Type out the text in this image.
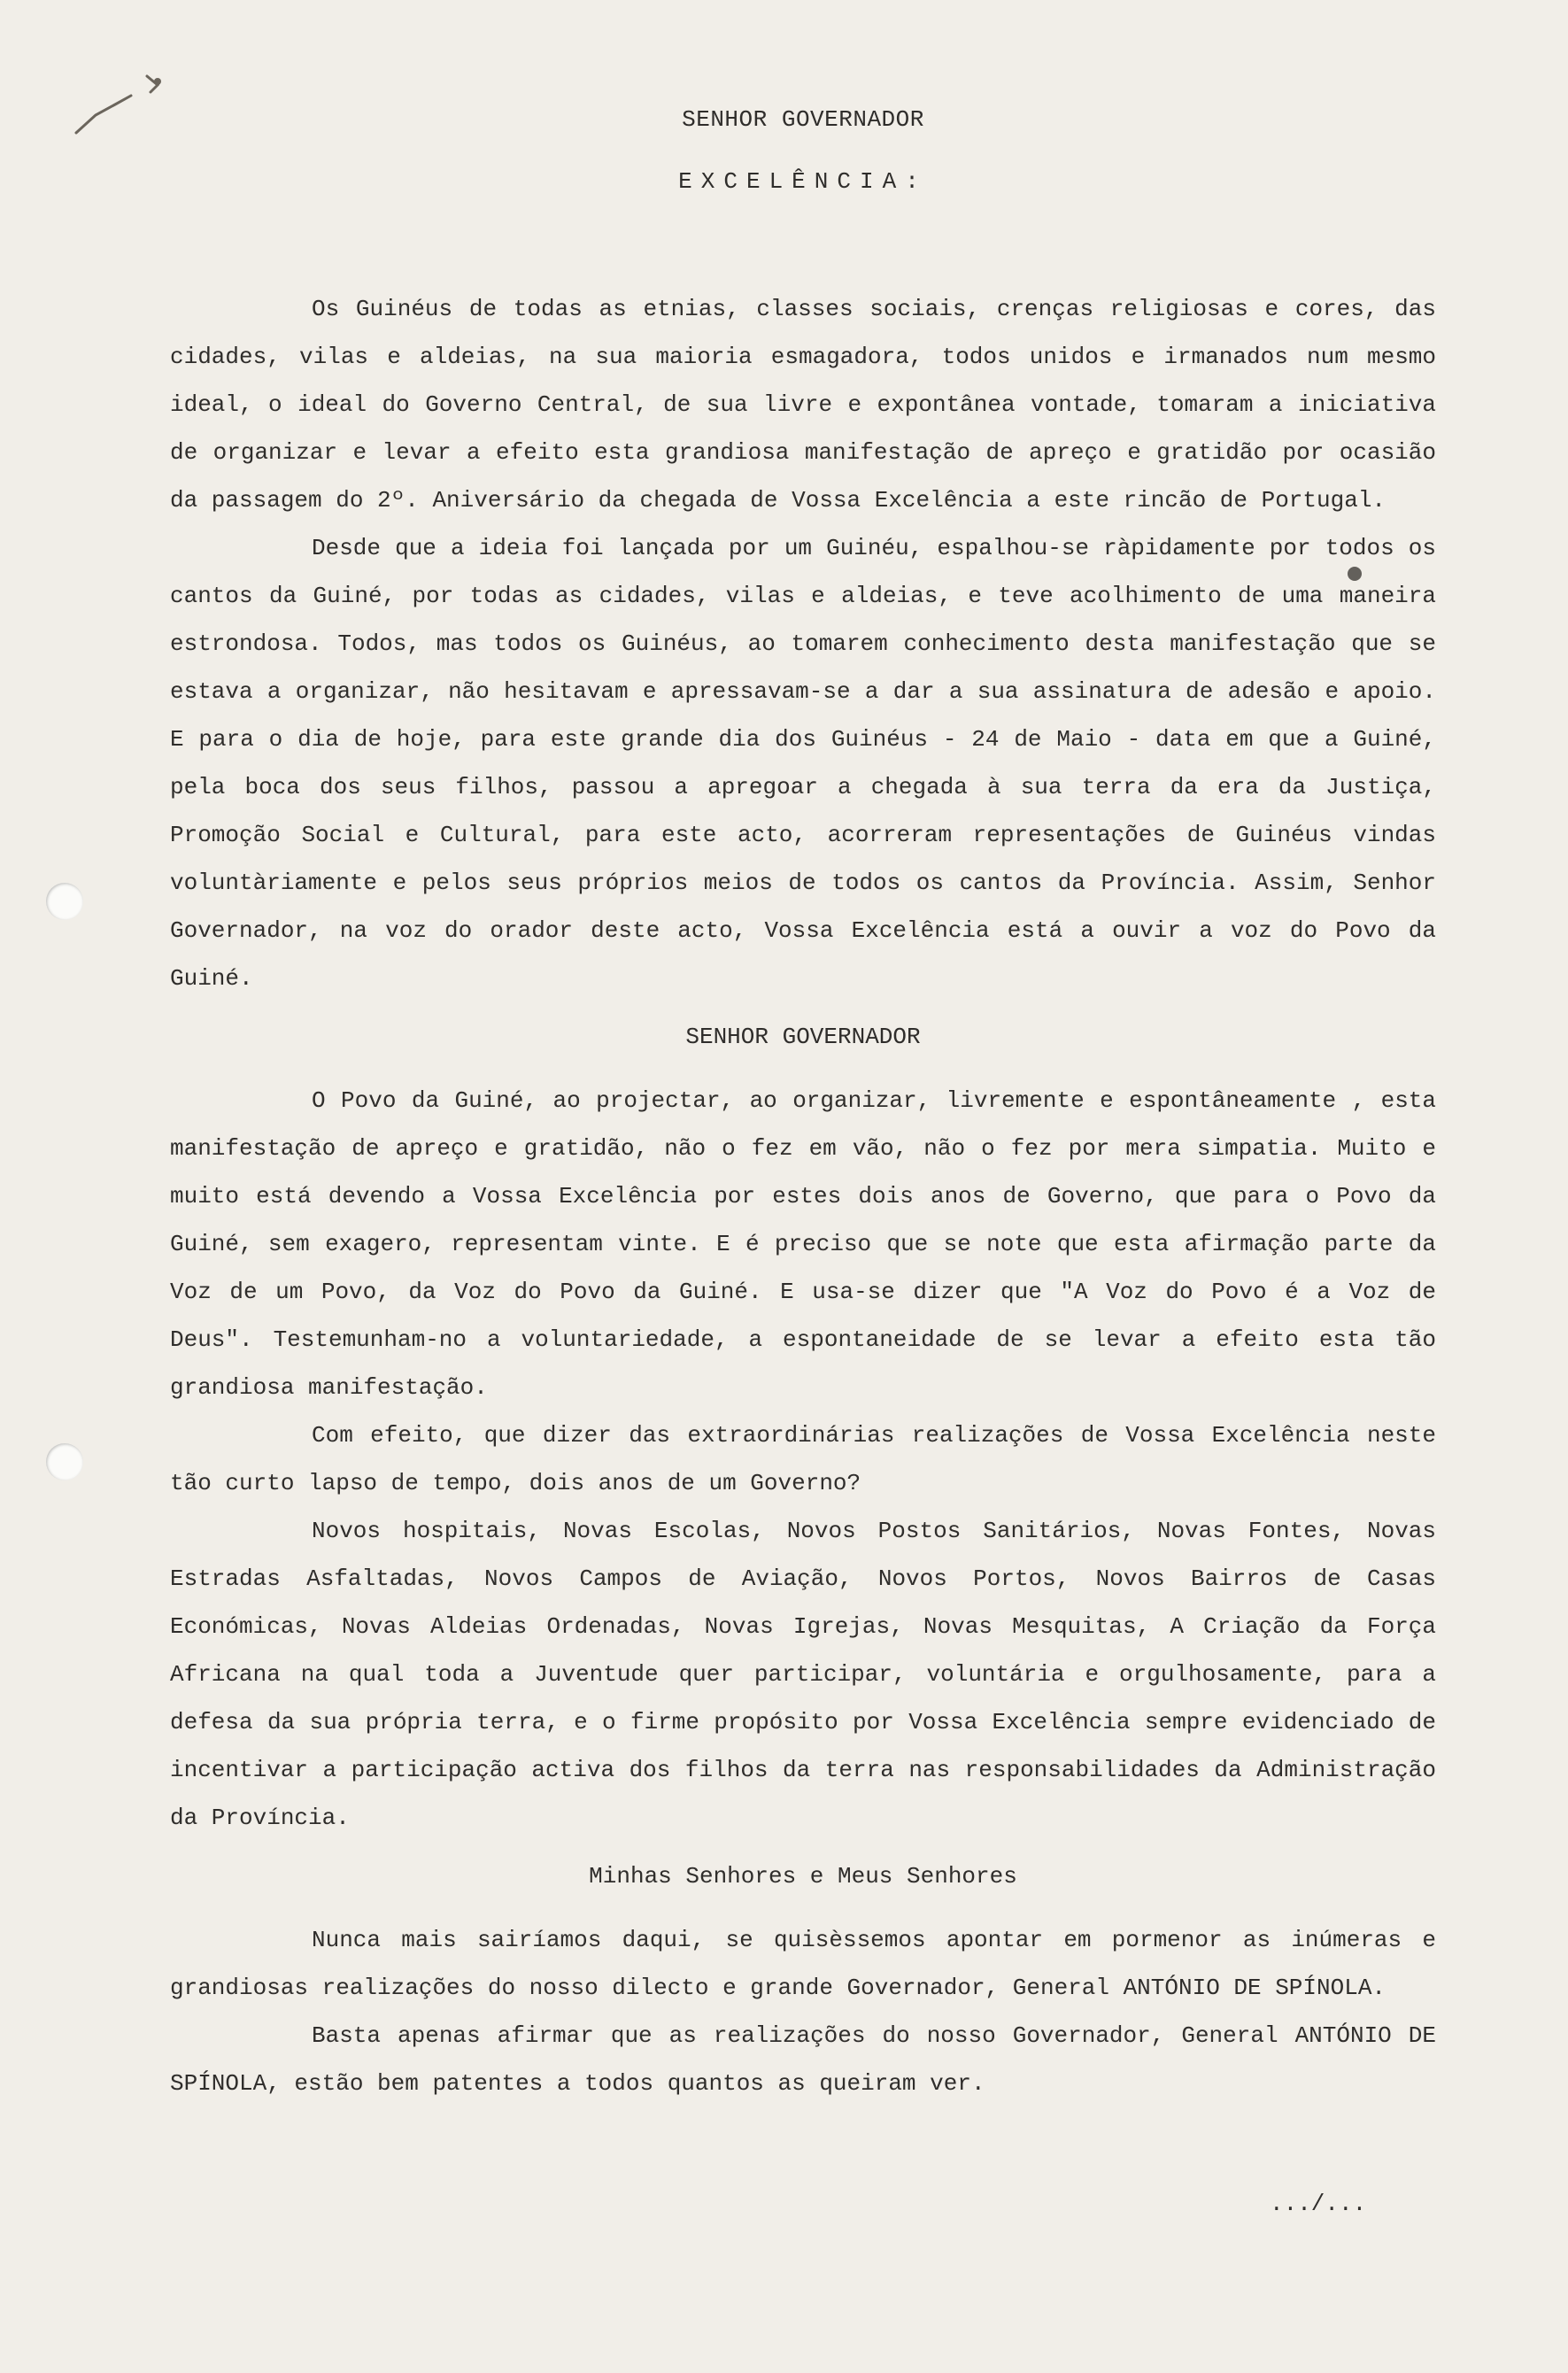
SENHOR GOVERNADOR
EXCELÊNCIA:

Os Guinéus de todas as etnias, classes sociais, crenças religiosas e cores, das cidades, vilas e aldeias, na sua maioria esmagadora, todos unidos e irmanados num mesmo ideal, o ideal do Governo Central, de sua livre e expontânea vontade, tomaram a iniciativa de organizar e levar a efeito esta grandiosa manifestação de apreço e gratidão por ocasião da passagem do 2º. Aniversário da chegada de Vossa Excelência a este rincão de Portugal.

Desde que a ideia foi lançada por um Guinéu, espalhou-se ràpidamente por todos os cantos da Guiné, por todas as cidades, vilas e aldeias, e teve acolhimento de uma maneira estrondosa. Todos, mas todos os Guinéus, ao tomarem conhecimento desta manifestação que se estava a organizar, não hesitavam e apressavam-se a dar a sua assinatura de adesão e apoio. E para o dia de hoje, para este grande dia dos Guinéus - 24 de Maio - data em que a Guiné, pela boca dos seus filhos, passou a apregoar a chegada à sua terra da era da Justiça, Promoção Social e Cultural, para este acto, acorreram representações de Guinéus vindas voluntàriamente e pelos seus próprios meios de todos os cantos da Província. Assim, Senhor Governador, na voz do orador deste acto, Vossa Excelência está a ouvir a voz do Povo da Guiné.

SENHOR GOVERNADOR

O Povo da Guiné, ao projectar, ao organizar, livremente e espontâneamente , esta manifestação de apreço e gratidão, não o fez em vão, não o fez por mera simpatia. Muito e muito está devendo a Vossa Excelência por estes dois anos de Governo, que para o Povo da Guiné, sem exagero, representam vinte. E é preciso que se note que esta afirmação parte da Voz de um Povo, da Voz do Povo da Guiné. E usa-se dizer que "A Voz do Povo é a Voz de Deus". Testemunham-no a voluntariedade, a espontaneidade de se levar a efeito esta tão grandiosa manifestação.

Com efeito, que dizer das extraordinárias realizações de Vossa Excelência neste tão curto lapso de tempo, dois anos de um Governo?

Novos hospitais, Novas Escolas, Novos Postos Sanitários, Novas Fontes, Novas Estradas Asfaltadas, Novos Campos de Aviação, Novos Portos, Novos Bairros de Casas Económicas, Novas Aldeias Ordenadas, Novas Igrejas, Novas Mesquitas, A Criação da Força Africana na qual toda a Juventude quer participar, voluntária e orgulhosamente, para a defesa da sua própria terra, e o firme propósito por Vossa Excelência sempre evidenciado de incentivar a participação activa dos filhos da terra nas responsabilidades da Administração da Província.

Minhas Senhores e Meus Senhores

Nunca mais sairíamos daqui, se quisèssemos apontar em pormenor as inúmeras e grandiosas realizações do nosso dilecto e grande Governador, General ANTÓNIO DE SPÍNOLA.

Basta apenas afirmar que as realizações do nosso Governador, General ANTÓNIO DE SPÍNOLA, estão bem patentes a todos quantos as queiram ver.

.../...
